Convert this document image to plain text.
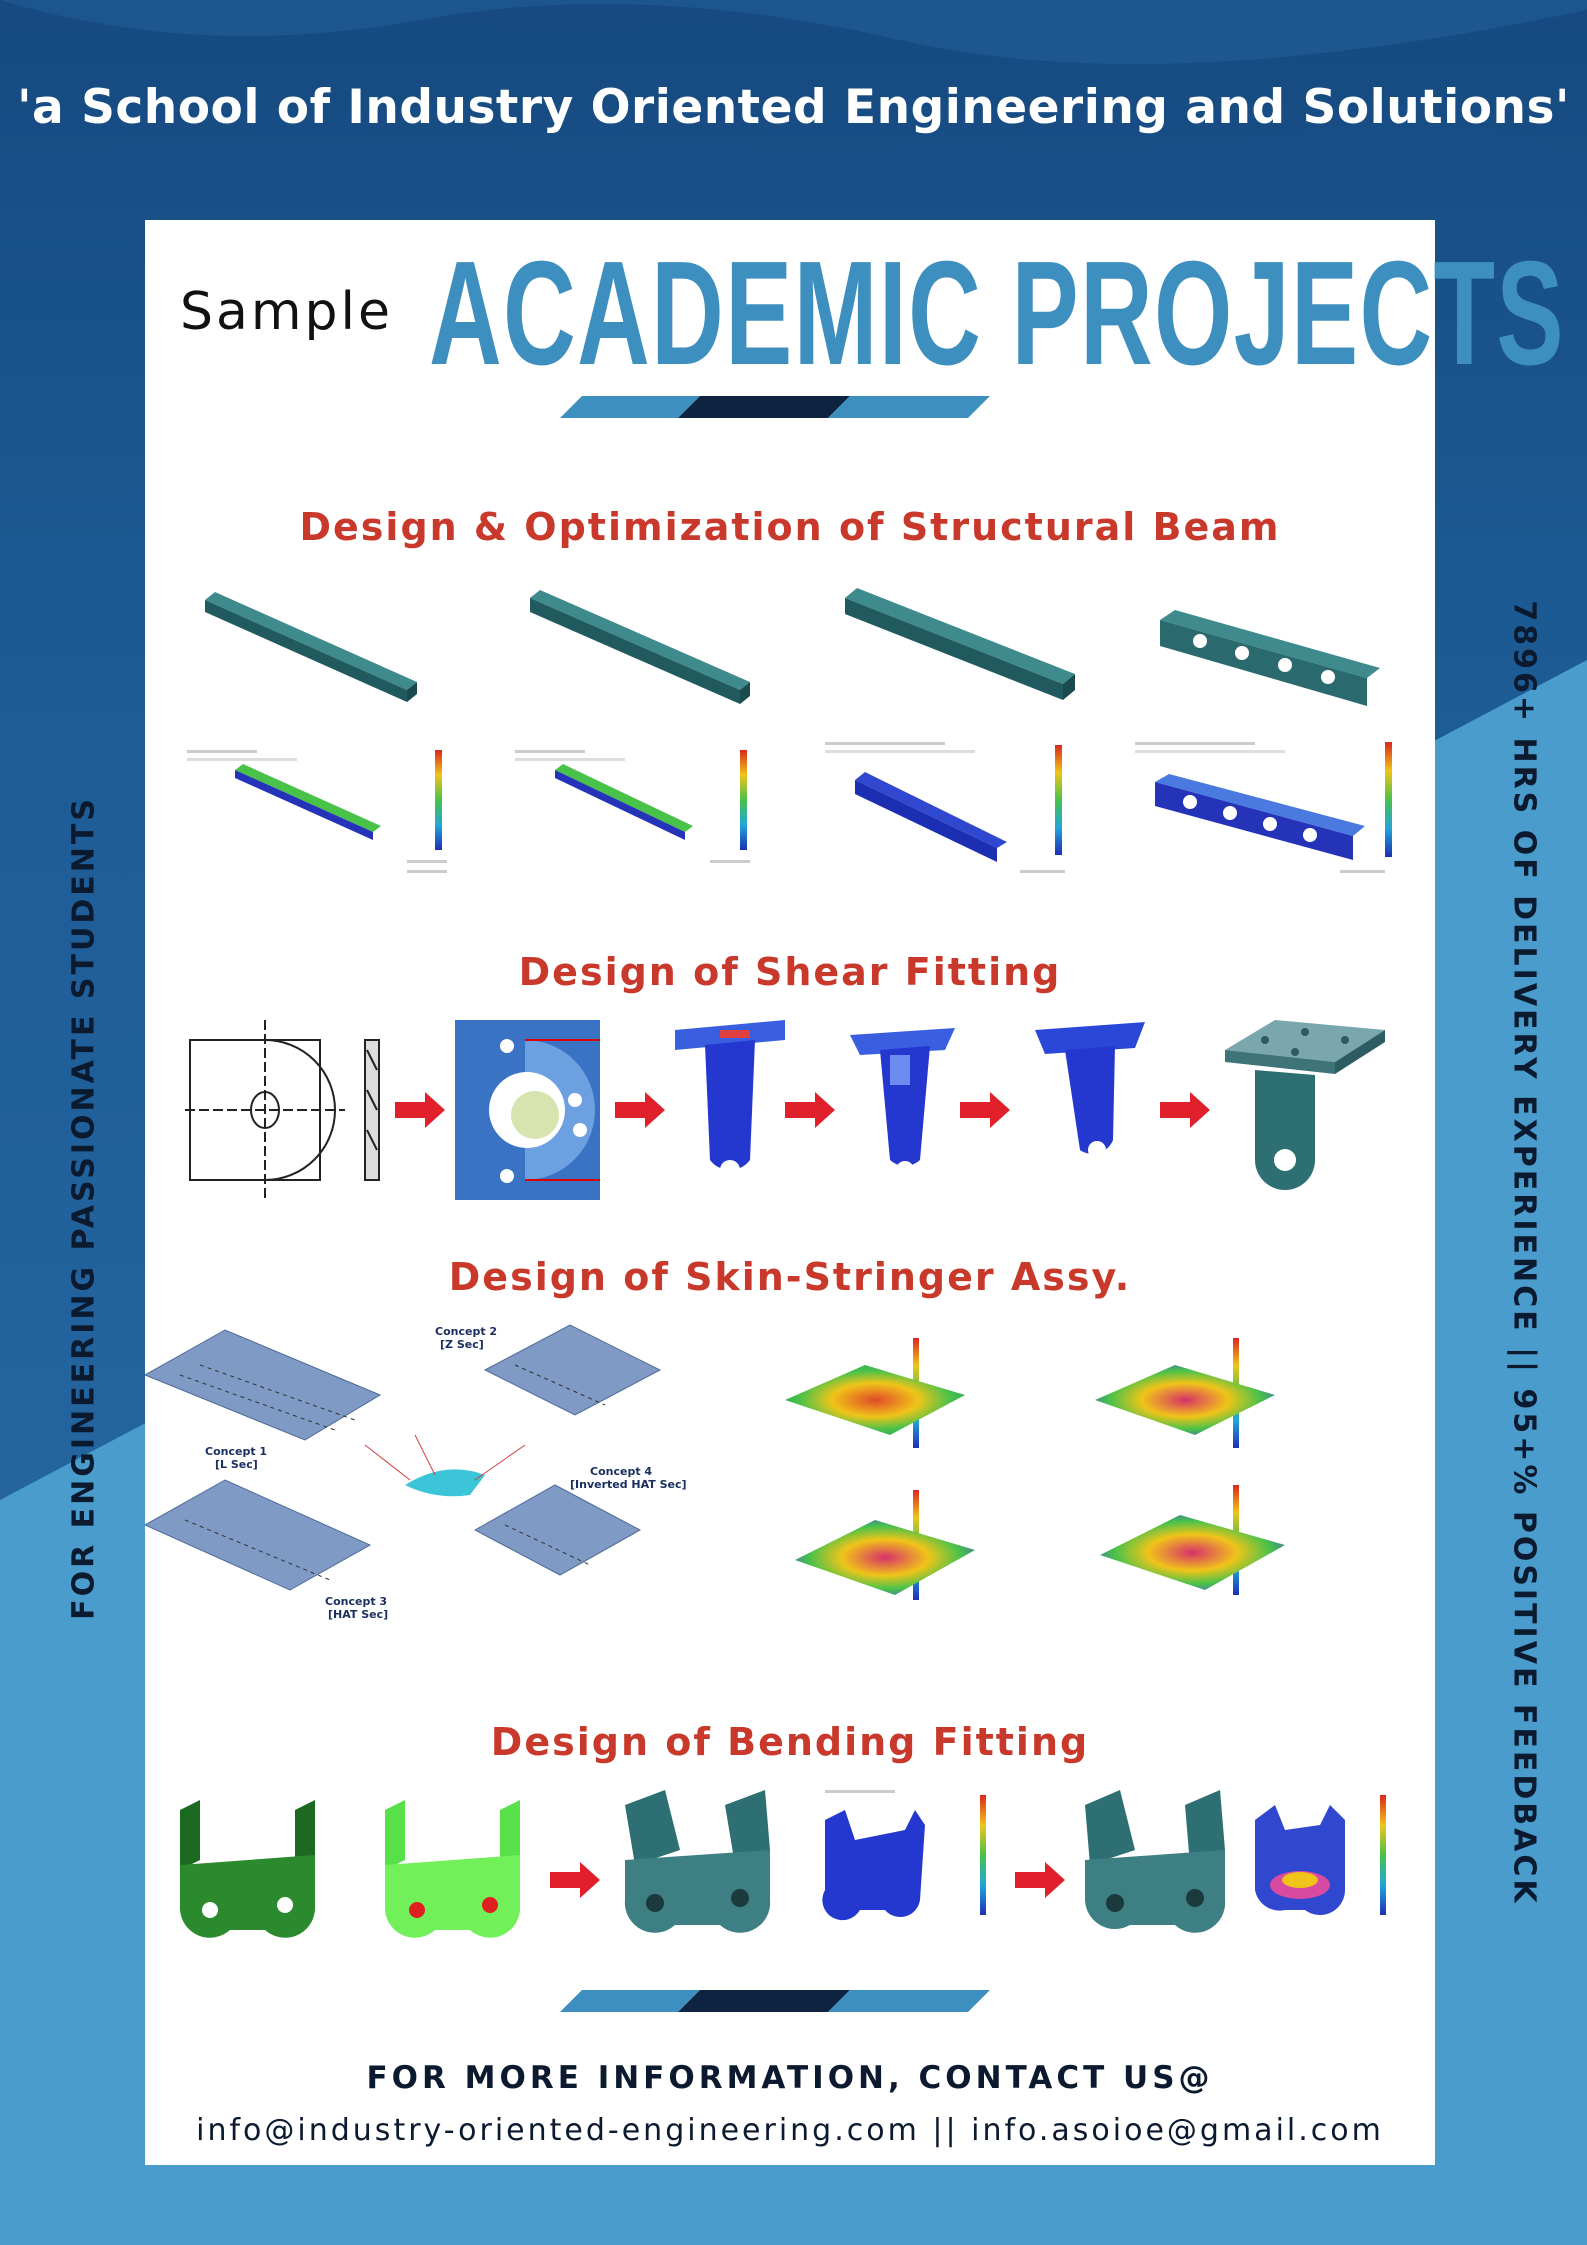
'a School of Industry Oriented Engineering and Solutions'
FOR ENGINEERING PASSIONATE STUDENTS	7896+ HRS OF DELIVERY EXPERIENCE || 95+% POSITIVE FEEDBACK
Sample ACADEMIC PROJECTS
Design & Optimization of Structural Beam
Design of Shear Fitting
Design of Skin-Stringer Assy.
Concept 1
[L Sec]
Concept 2
[Z Sec]
Concept 3
[HAT Sec]
Concept 4
[Inverted HAT Sec]
Design of Bending Fitting
FOR MORE INFORMATION, CONTACT US@
info@industry-oriented-engineering.com || info.asoioe@gmail.com
